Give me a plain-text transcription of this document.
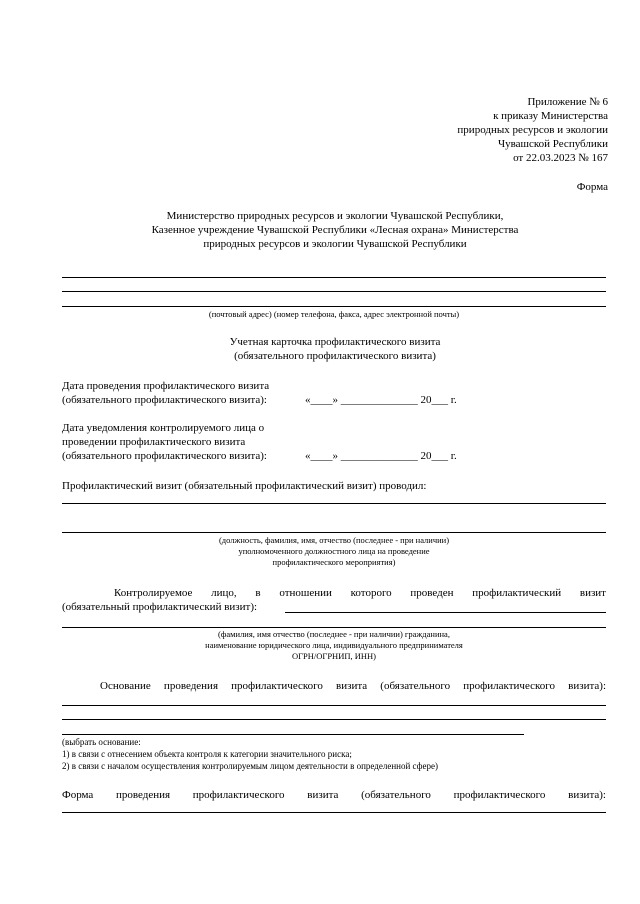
Приложение № 6
к приказу Министерства
природных ресурсов и экологии
Чувашской Республики
от 22.03.2023 № 167
Форма
Министерство природных ресурсов и экологии Чувашской Республики,
Казенное учреждение Чувашской Республики «Лесная охрана» Министерства
природных ресурсов и экологии Чувашской Республики
(почтовый адрес) (номер телефона, факса, адрес электронной почты)
Учетная карточка профилактического визита
(обязательного профилактического визита)
Дата проведения профилактического визита
(обязательного профилактического визита):	«____» ______________ 20___ г.
Дата уведомления контролируемого лица о
проведении профилактического визита
(обязательного профилактического визита):	«____» ______________ 20___ г.
Профилактический визит (обязательный профилактический визит) проводил:
(должность, фамилия, имя, отчество (последнее - при наличии)
уполномоченного должностного лица на проведение
профилактического мероприятия)
Контролируемое лицо, в отношении которого проведен профилактический визит
(обязательный профилактический визит):
(фамилия, имя отчество (последнее - при наличии) гражданина,
наименование юридического лица, индивидуального предпринимателя
ОГРН/ОГРНИП, ИНН)
Основание проведения профилактического визита (обязательного профилактического визита):
(выбрать основание:
1) в связи с отнесением объекта контроля к категории значительного риска;
2) в связи с началом осуществления контролируемым лицом деятельности в определенной сфере)
Форма проведения профилактического визита (обязательного профилактического визита):
